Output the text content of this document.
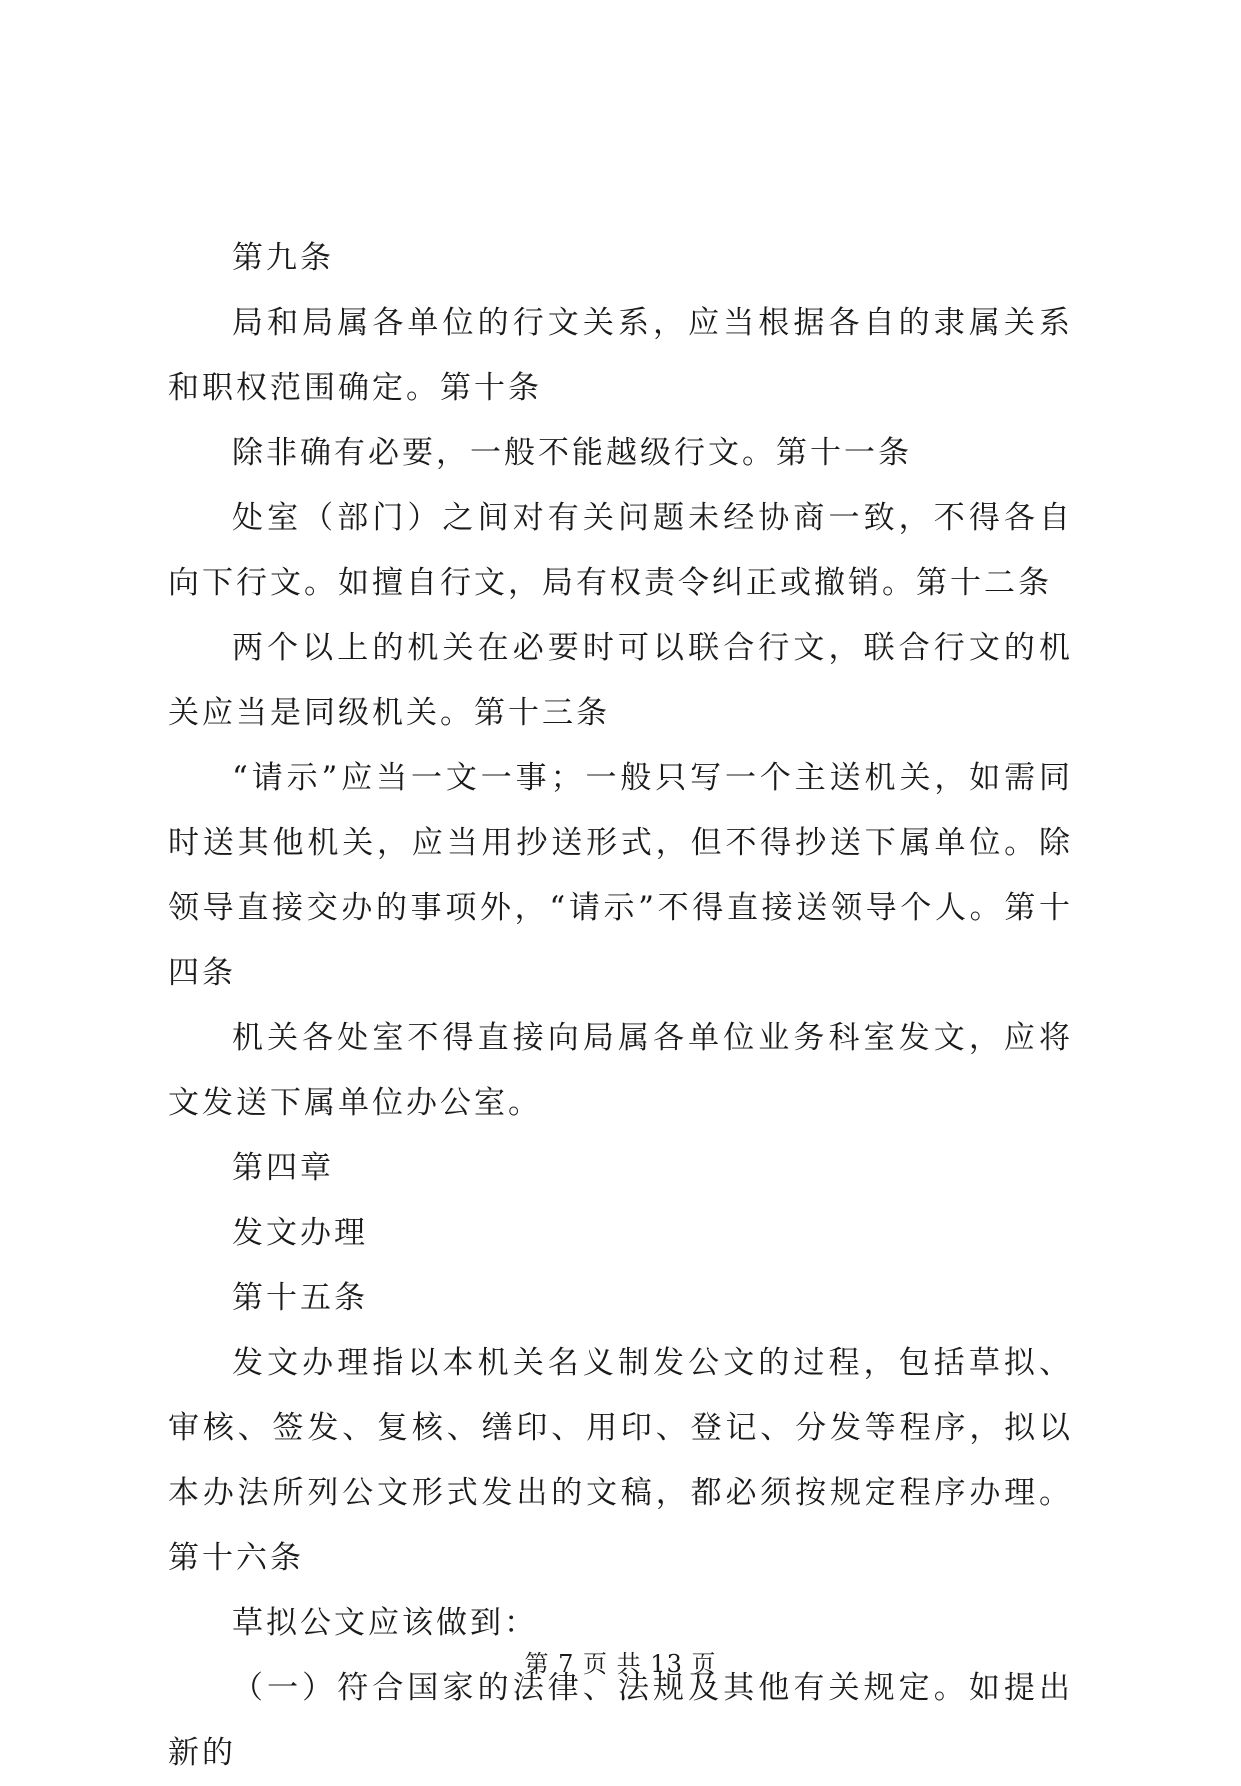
第九条

局和局属各单位的行文关系，应当根据各自的隶属关系和职权范围确定。第十条

除非确有必要，一般不能越级行文。第十一条

处室（部门）之间对有关问题未经协商一致，不得各自向下行文。如擅自行文，局有权责令纠正或撤销。第十二条

两个以上的机关在必要时可以联合行文，联合行文的机关应当是同级机关。第十三条

“请示”应当一文一事；一般只写一个主送机关，如需同时送其他机关，应当用抄送形式，但不得抄送下属单位。除领导直接交办的事项外，“请示”不得直接送领导个人。第十四条

机关各处室不得直接向局属各单位业务科室发文，应将文发送下属单位办公室。

第四章

发文办理

第十五条

发文办理指以本机关名义制发公文的过程，包括草拟、审核、签发、复核、缮印、用印、登记、分发等程序，拟以本办法所列公文形式发出的文稿，都必须按规定程序办理。第十六条

草拟公文应该做到：

（一）符合国家的法律、法规及其他有关规定。如提出新的

第 7 页 共 13 页
